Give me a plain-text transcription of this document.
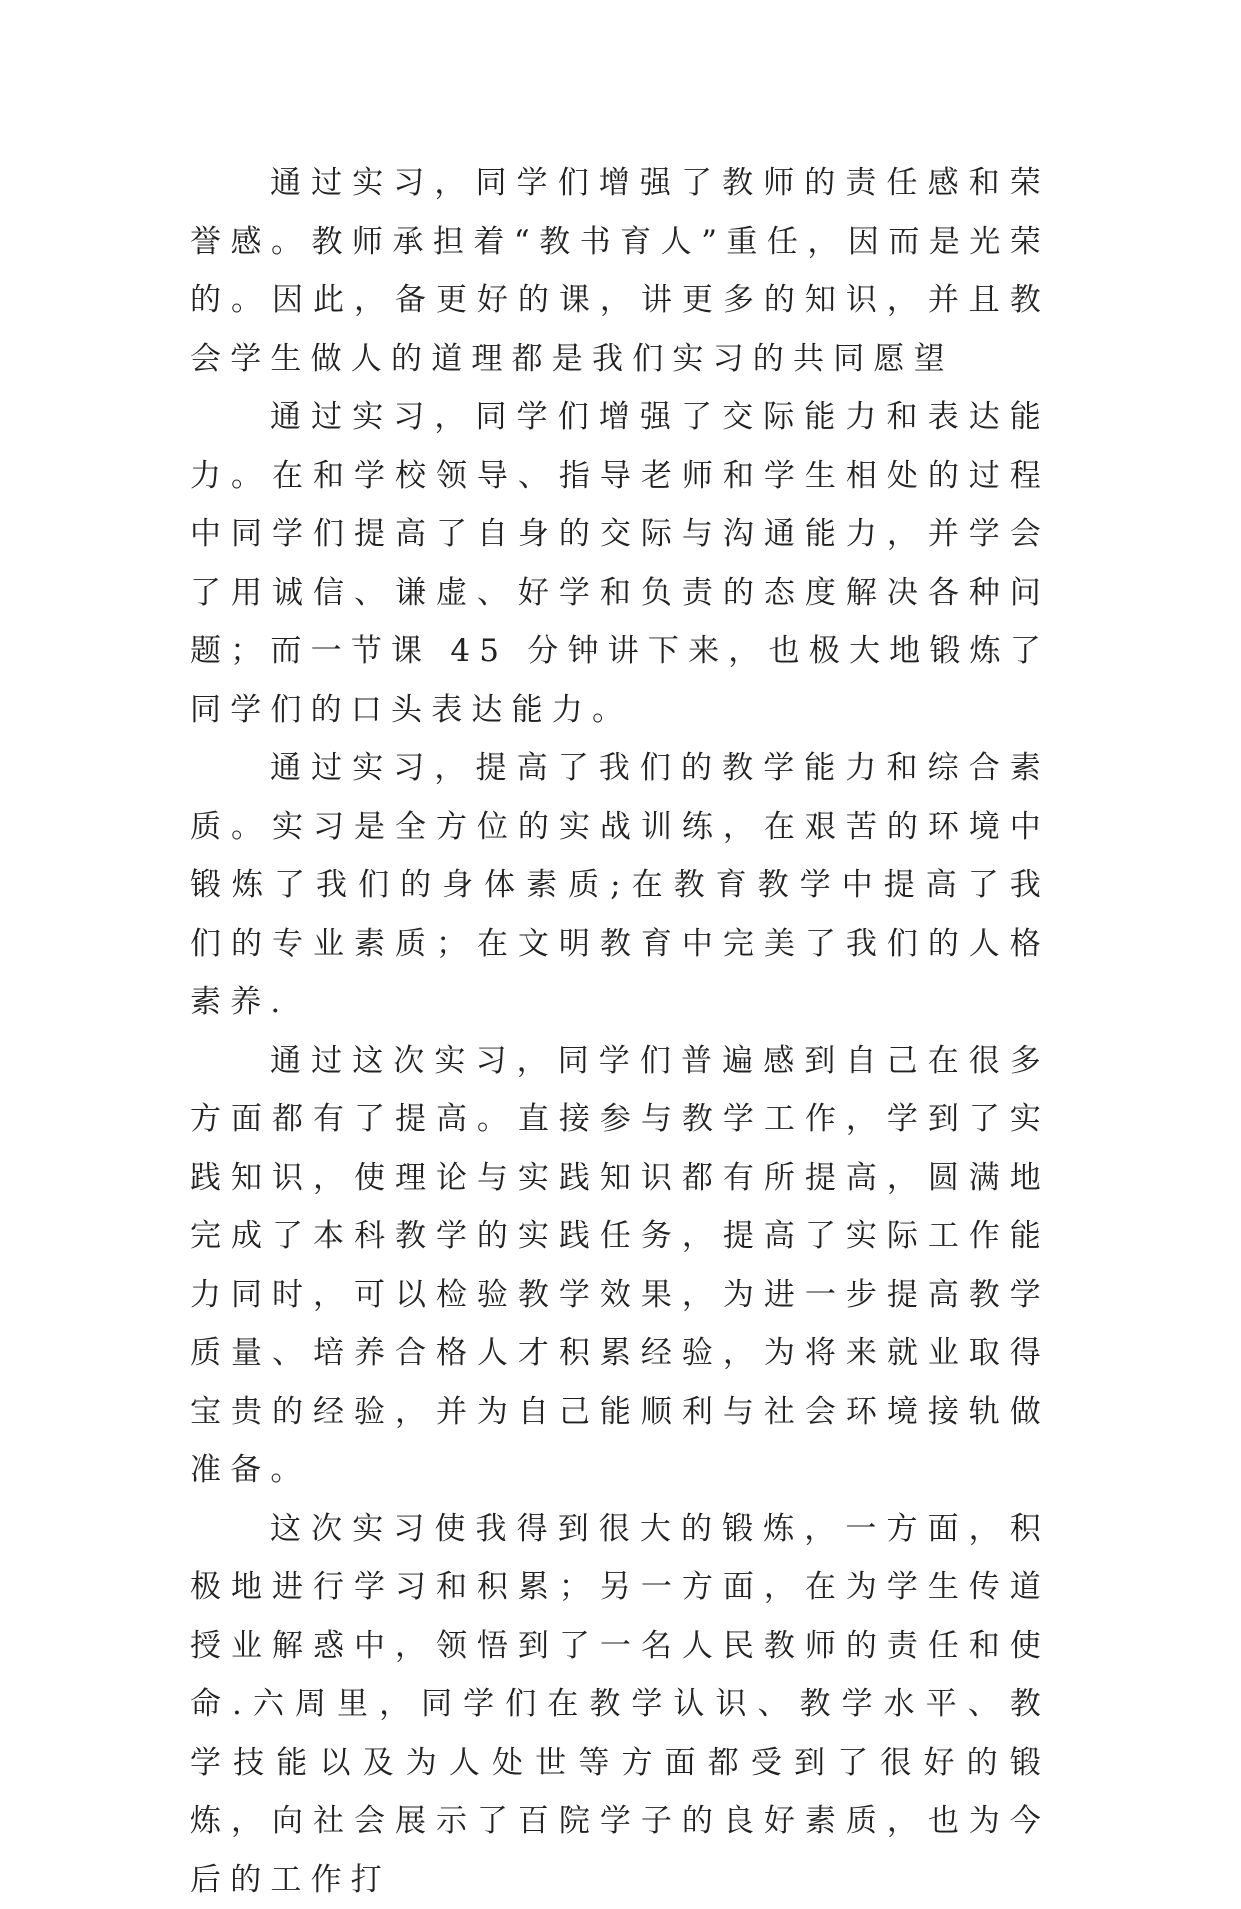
通过实习，同学们增强了教师的责任感和荣誉感。教师承担着“教书育人”重任，因而是光荣的。因此，备更好的课，讲更多的知识，并且教会学生做人的道理都是我们实习的共同愿望

通过实习，同学们增强了交际能力和表达能力。在和学校领导、指导老师和学生相处的过程中同学们提高了自身的交际与沟通能力，并学会了用诚信、谦虚、好学和负责的态度解决各种问题；而一节课 45 分钟讲下来，也极大地锻炼了同学们的口头表达能力。

通过实习，提高了我们的教学能力和综合素质。实习是全方位的实战训练，在艰苦的环境中锻炼了我们的身体素质;在教育教学中提高了我们的专业素质；在文明教育中完美了我们的人格素养.

通过这次实习，同学们普遍感到自己在很多方面都有了提高。直接参与教学工作，学到了实践知识，使理论与实践知识都有所提高，圆满地完成了本科教学的实践任务，提高了实际工作能力同时，可以检验教学效果，为进一步提高教学质量、培养合格人才积累经验，为将来就业取得宝贵的经验，并为自己能顺利与社会环境接轨做准备。

这次实习使我得到很大的锻炼，一方面，积极地进行学习和积累；另一方面，在为学生传道授业解惑中，领悟到了一名人民教师的责任和使命.六周里，同学们在教学认识、教学水平、教学技能以及为人处世等方面都受到了很好的锻炼，向社会展示了百院学子的良好素质，也为今后的工作打
